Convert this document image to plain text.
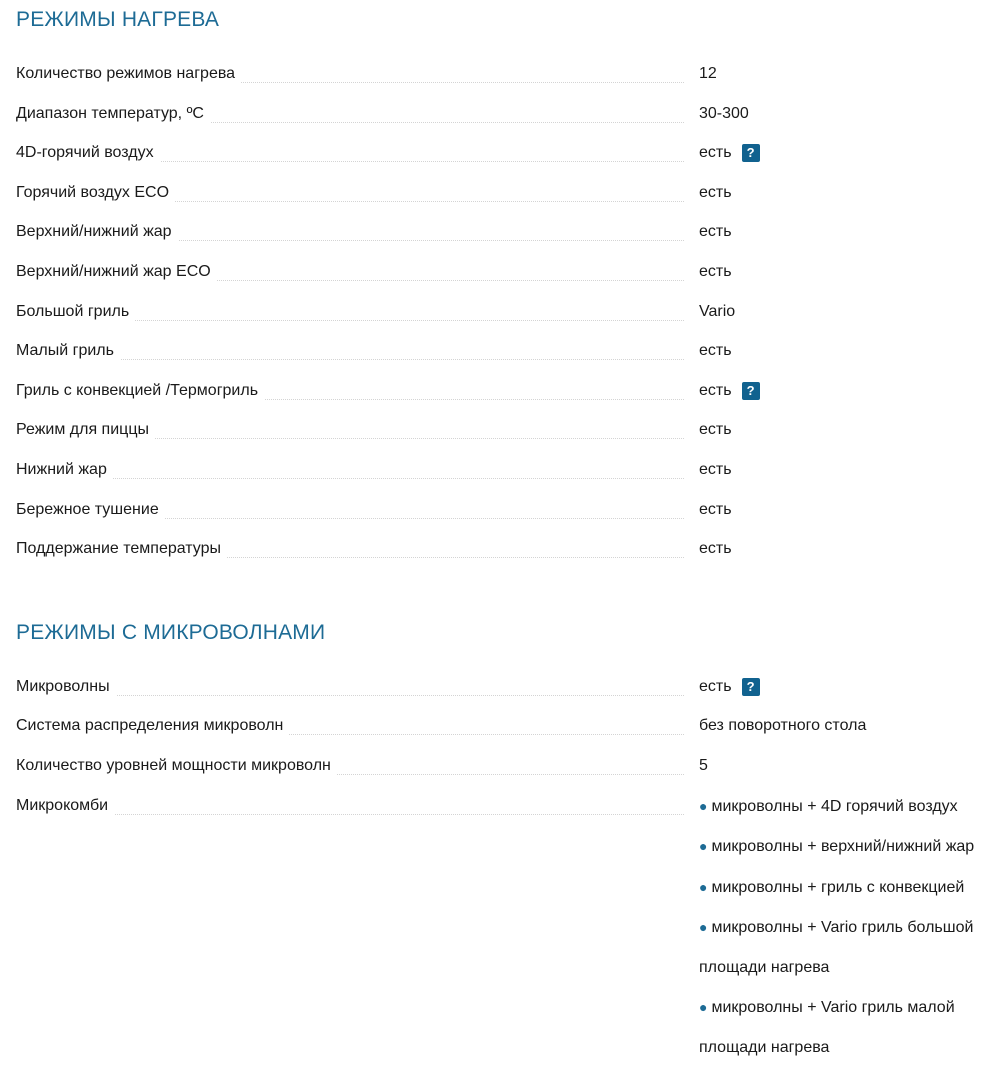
РЕЖИМЫ НАГРЕВА
Количество режимов нагрева	12
Диапазон температур, ºC	30-300
4D-горячий воздух	есть	?
Горячий воздух ECO	есть
Верхний/нижний жар	есть
Верхний/нижний жар ECO	есть
Большой гриль	Vario
Малый гриль	есть
Гриль с конвекцией /Термогриль	есть	?
Режим для пиццы	есть
Нижний жар	есть
Бережное тушение	есть
Поддержание температуры	есть
РЕЖИМЫ С МИКРОВОЛНАМИ
Микроволны	есть	?
Система распределения микроволн	без поворотного стола
Количество уровней мощности микроволн	5
Микрокомби	● микроволны + 4D горячий воздух
● микроволны + верхний/нижний жар
● микроволны + гриль с конвекцией
● микроволны + Vario гриль большой
площади нагрева
● микроволны + Vario гриль малой
площади нагрева
